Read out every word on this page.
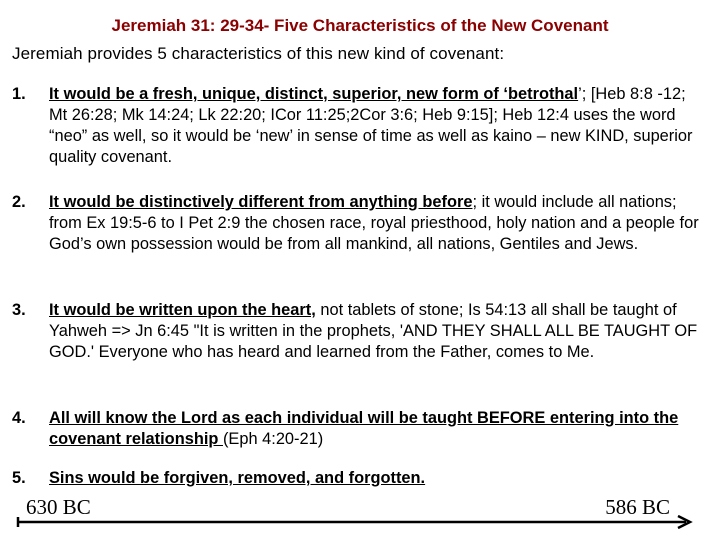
Jeremiah 31: 29-34- Five Characteristics of the New Covenant
Jeremiah provides 5 characteristics of this new kind of covenant:
1. It would be a fresh, unique, distinct, superior, new form of ‘betrothal’; [Heb 8:8 -12; Mt 26:28; Mk 14:24; Lk 22:20; ICor 11:25;2Cor 3:6; Heb 9:15]; Heb 12:4 uses the word “neo” as well, so it would be ‘new’ in sense of time as well as kaino – new KIND, superior quality covenant.
2. It would be distinctively different from anything before; it would include all nations; from Ex 19:5-6 to I Pet 2:9 the chosen race, royal priesthood, holy nation and a people for God’s own possession would be from all mankind, all nations, Gentiles and Jews.
3. It would be written upon the heart, not tablets of stone; Is 54:13 all shall be taught of Yahweh => Jn 6:45 "It is written in the prophets, 'AND THEY SHALL ALL BE TAUGHT OF GOD.' Everyone who has heard and learned from the Father, comes to Me.
4. All will know the Lord as each individual will be taught BEFORE entering into the covenant relationship (Eph 4:20-21)
5. Sins would be forgiven, removed, and forgotten.
630 BC	586 BC
